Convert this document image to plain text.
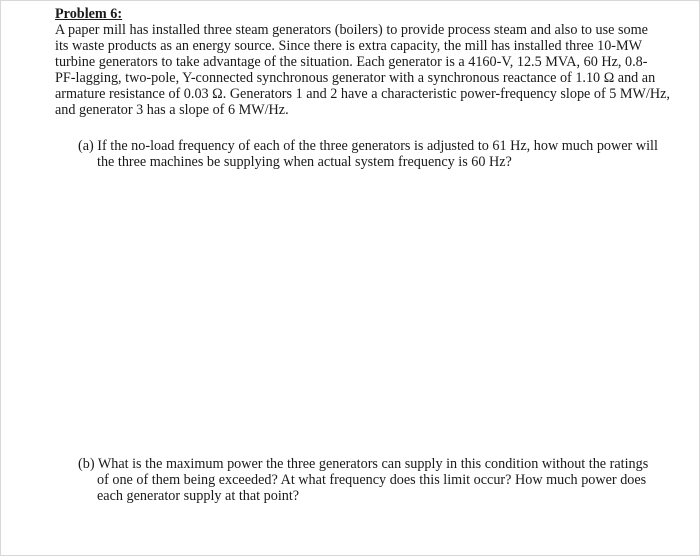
Problem 6:
A paper mill has installed three steam generators (boilers) to provide process steam and also to use some
its waste products as an energy source. Since there is extra capacity, the mill has installed three 10-MW
turbine generators to take advantage of the situation. Each generator is a 4160-V, 12.5 MVA, 60 Hz, 0.8-
PF-lagging, two-pole, Y-connected synchronous generator with a synchronous reactance of 1.10 Ω and an
armature resistance of 0.03 Ω. Generators 1 and 2 have a characteristic power-frequency slope of 5 MW/Hz,
and generator 3 has a slope of 6 MW/Hz.
(a) If the no-load frequency of each of the three generators is adjusted to 61 Hz, how much power will
the three machines be supplying when actual system frequency is 60 Hz?
(b) What is the maximum power the three generators can supply in this condition without the ratings
of one of them being exceeded? At what frequency does this limit occur? How much power does
each generator supply at that point?
